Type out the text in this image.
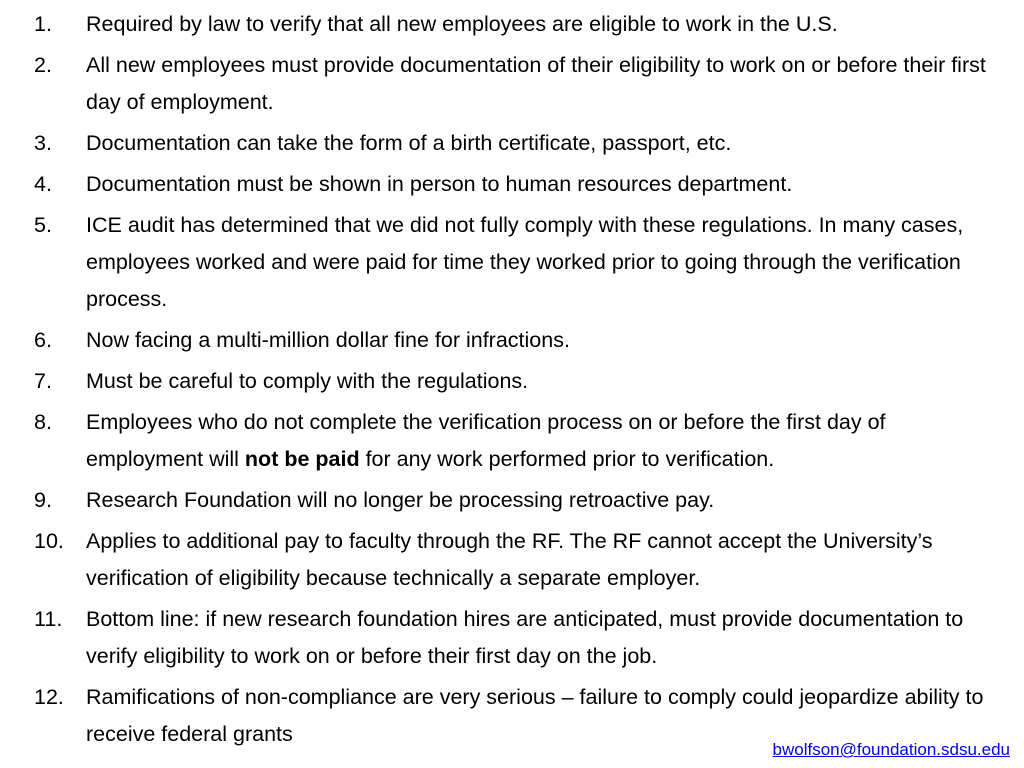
1.	Required by law to verify that all new employees are eligible to work in the U.S.
2.	All new employees must provide documentation of their eligibility to work on or before their first day of employment.
3.	Documentation can take the form of a birth certificate, passport, etc.
4.	Documentation must be shown in person to human resources department.
5.	ICE audit has determined that we did not fully comply with these regulations. In many cases, employees worked and were paid for time they worked prior to going through the verification process.
6.	Now facing a multi-million dollar fine for infractions.
7.	Must be careful to comply with the regulations.
8.	Employees who do not complete the verification process on or before the first day of employment will not be paid for any work performed prior to verification.
9.	Research Foundation will no longer be processing retroactive pay.
10.	Applies to additional pay to faculty through the RF. The RF cannot accept the University’s verification of eligibility because technically a separate employer.
11.	Bottom line: if new research foundation hires are anticipated, must provide documentation to verify eligibility to work on or before their first day on the job.
12.	Ramifications of non-compliance are very serious – failure to comply could jeopardize ability to receive federal grants
bwolfson@foundation.sdsu.edu
